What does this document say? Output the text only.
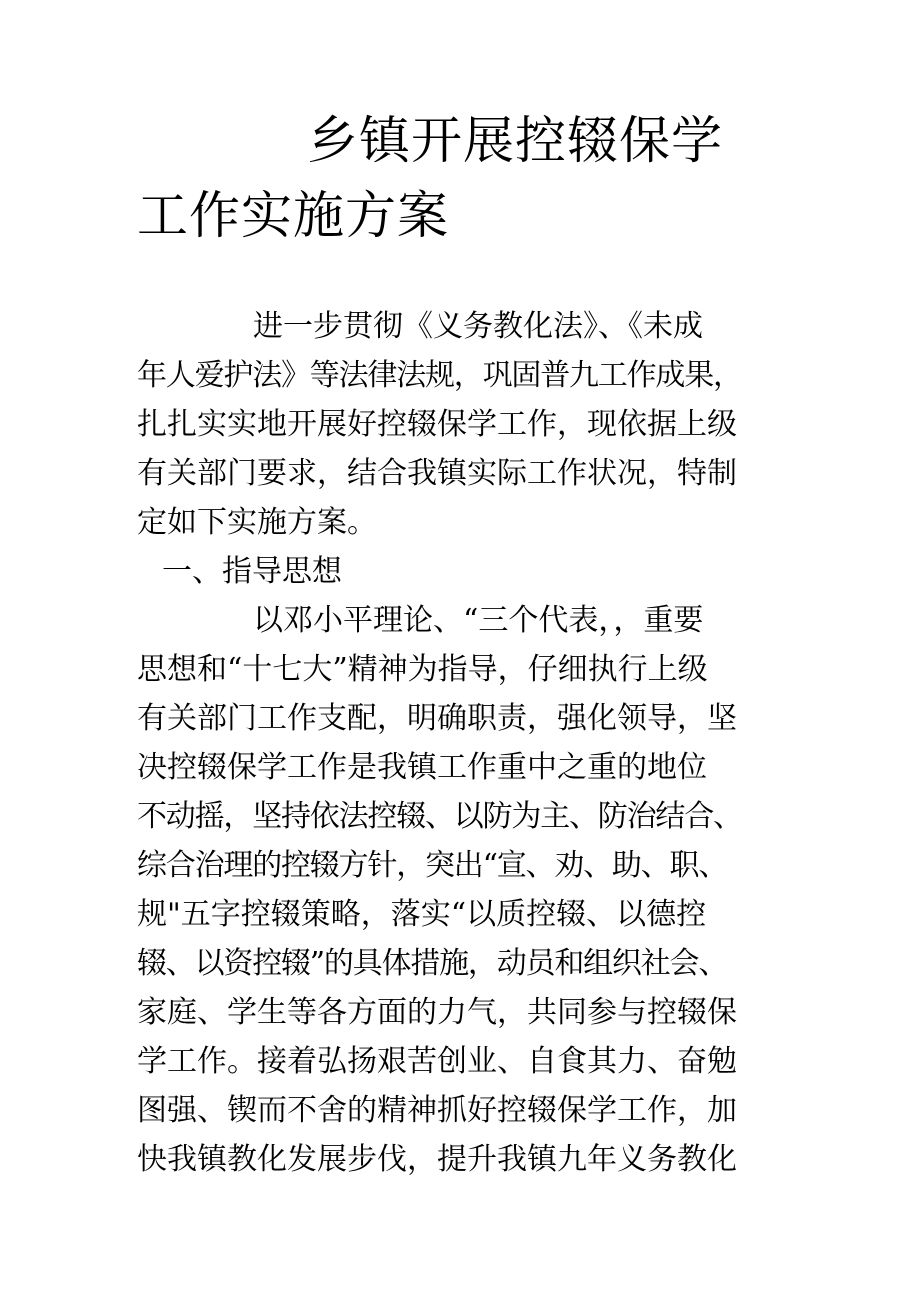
乡镇开展控辍保学
工作实施方案
进一步贯彻《义务教化法》、《未成
年人爱护法》等法律法规，巩固普九工作成果，
扎扎实实地开展好控辍保学工作，现依据上级
有关部门要求，结合我镇实际工作状况，特制
定如下实施方案。
一、指导思想
以邓小平理论、“三个代表，，重要
思想和“十七大”精神为指导，仔细执行上级
有关部门工作支配，明确职责，强化领导，坚
决控辍保学工作是我镇工作重中之重的地位
不动摇，坚持依法控辍、以防为主、防治结合、
综合治理的控辍方针，突出“宣、劝、助、职、
规"五字控辍策略，落实“以质控辍、以德控
辍、以资控辍”的具体措施，动员和组织社会、
家庭、学生等各方面的力气，共同参与控辍保
学工作。接着弘扬艰苦创业、自食其力、奋勉
图强、锲而不舍的精神抓好控辍保学工作，加
快我镇教化发展步伐，提升我镇九年义务教化
